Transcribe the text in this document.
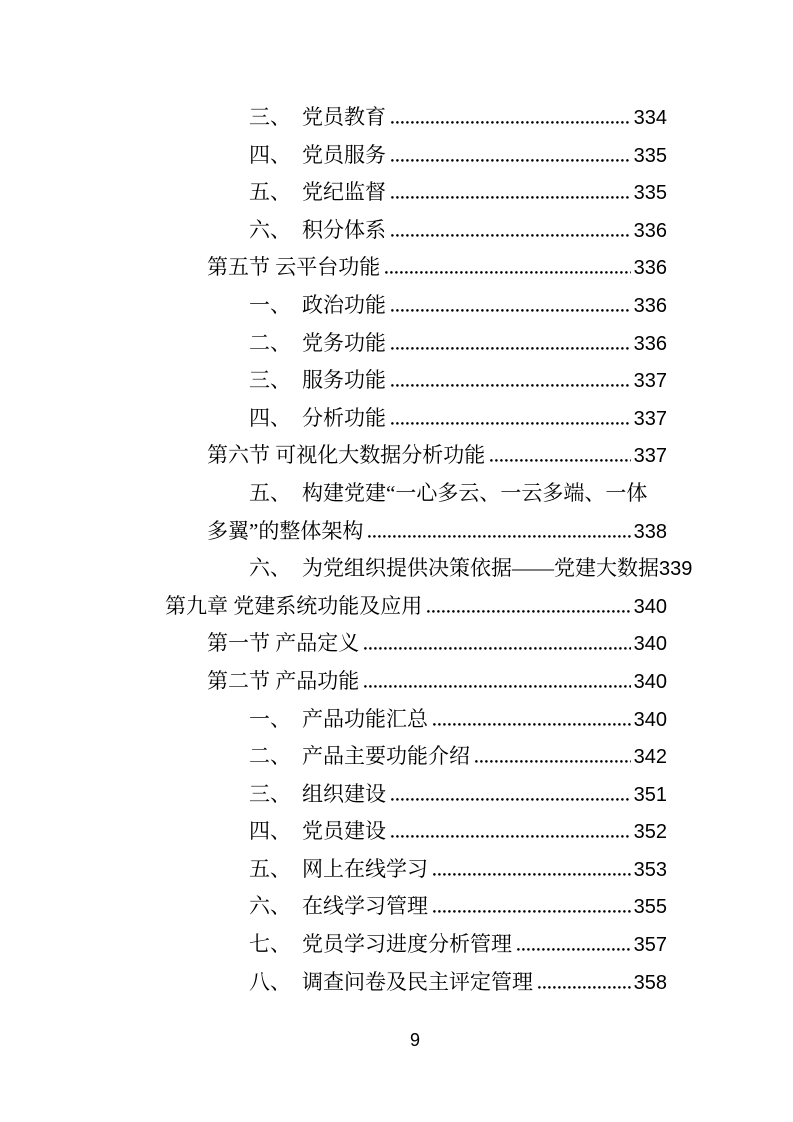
三、 党员教育	334
四、 党员服务	335
五、 党纪监督	335
六、 积分体系	336
第五节 云平台功能	336
一、 政治功能	336
二、 党务功能	336
三、 服务功能	337
四、 分析功能	337
第六节 可视化大数据分析功能	337
五、 构建党建“一心多云、一云多端、一体
多翼”的整体架构	338
六、 为党组织提供决策依据——党建大数据 339
第九章 党建系统功能及应用	340
第一节 产品定义	340
第二节 产品功能	340
一、 产品功能汇总	340
二、 产品主要功能介绍	342
三、 组织建设	351
四、 党员建设	352
五、 网上在线学习	353
六、 在线学习管理	355
七、 党员学习进度分析管理	357
八、 调查问卷及民主评定管理	358
9
